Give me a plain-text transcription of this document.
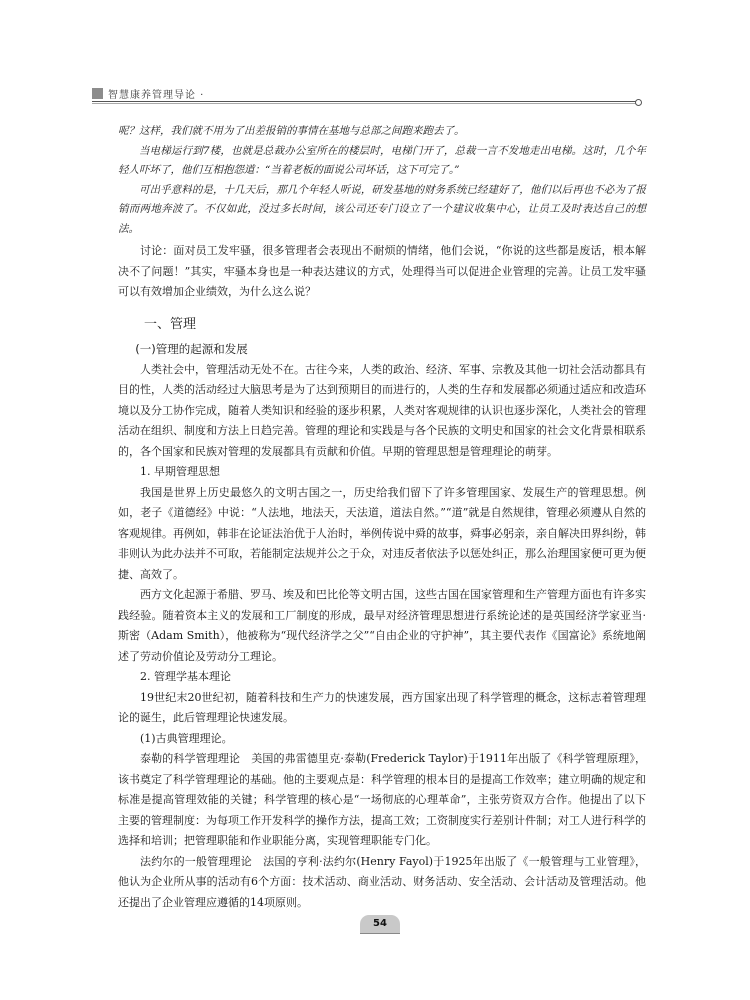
智慧康养管理导论 ·

呢？这样，我们就不用为了出差报销的事情在基地与总部之间跑来跑去了。

当电梯运行到7楼，也就是总裁办公室所在的楼层时，电梯门开了，总裁一言不发地走出电梯。这时，几个年轻人吓坏了，他们互相抱怨道：“当着老板的面说公司坏话，这下可完了。”

可出乎意料的是，十几天后，那几个年轻人听说，研发基地的财务系统已经建好了，他们以后再也不必为了报销而两地奔波了。不仅如此，没过多长时间，该公司还专门设立了一个建议收集中心，让员工及时表达自己的想法。

讨论：面对员工发牢骚，很多管理者会表现出不耐烦的情绪，他们会说，“你说的这些都是废话，根本解决不了问题！”其实，牢骚本身也是一种表达建议的方式，处理得当可以促进企业管理的完善。让员工发牢骚可以有效增加企业绩效，为什么这么说？

一、管理
(一)管理的起源和发展

人类社会中，管理活动无处不在。古往今来，人类的政治、经济、军事、宗教及其他一切社会活动都具有目的性，人类的活动经过大脑思考是为了达到预期目的而进行的，人类的生存和发展都必须通过适应和改造环境以及分工协作完成，随着人类知识和经验的逐步积累，人类对客观规律的认识也逐步深化，人类社会的管理活动在组织、制度和方法上日趋完善。管理的理论和实践是与各个民族的文明史和国家的社会文化背景相联系的，各个国家和民族对管理的发展都具有贡献和价值。早期的管理思想是管理理论的萌芽。

1. 早期管理思想

我国是世界上历史最悠久的文明古国之一，历史给我们留下了许多管理国家、发展生产的管理思想。例如，老子《道德经》中说：“人法地，地法天，天法道，道法自然。”“道”就是自然规律，管理必须遵从自然的客观规律。再例如，韩非在论证法治优于人治时，举例传说中舜的故事，舜事必躬亲，亲自解决田界纠纷，韩非则认为此办法并不可取，若能制定法规并公之于众，对违反者依法予以惩处纠正，那么治理国家便可更为便捷、高效了。

西方文化起源于希腊、罗马、埃及和巴比伦等文明古国，这些古国在国家管理和生产管理方面也有许多实践经验。随着资本主义的发展和工厂制度的形成，最早对经济管理思想进行系统论述的是英国经济学家亚当·斯密（Adam Smith），他被称为“现代经济学之父”“自由企业的守护神”，其主要代表作《国富论》系统地阐述了劳动价值论及劳动分工理论。

2. 管理学基本理论

19世纪末20世纪初，随着科技和生产力的快速发展，西方国家出现了科学管理的概念，这标志着管理理论的诞生，此后管理理论快速发展。

(1)古典管理理论。

泰勒的科学管理理论　 美国的弗雷德里克·泰勒(Frederick Taylor)于1911年出版了《科学管理原理》，该书奠定了科学管理理论的基础。他的主要观点是：科学管理的根本目的是提高工作效率；建立明确的规定和标准是提高管理效能的关键；科学管理的核心是“一场彻底的心理革命”，主张劳资双方合作。他提出了以下主要的管理制度：为每项工作开发科学的操作方法，提高工效；工资制度实行差别计件制；对工人进行科学的选择和培训；把管理职能和作业职能分离，实现管理职能专门化。

法约尔的一般管理理论　 法国的亨利·法约尔(Henry Fayol)于1925年出版了《一般管理与工业管理》，他认为企业所从事的活动有6个方面：技术活动、商业活动、财务活动、安全活动、会计活动及管理活动。他还提出了企业管理应遵循的14项原则。

54
